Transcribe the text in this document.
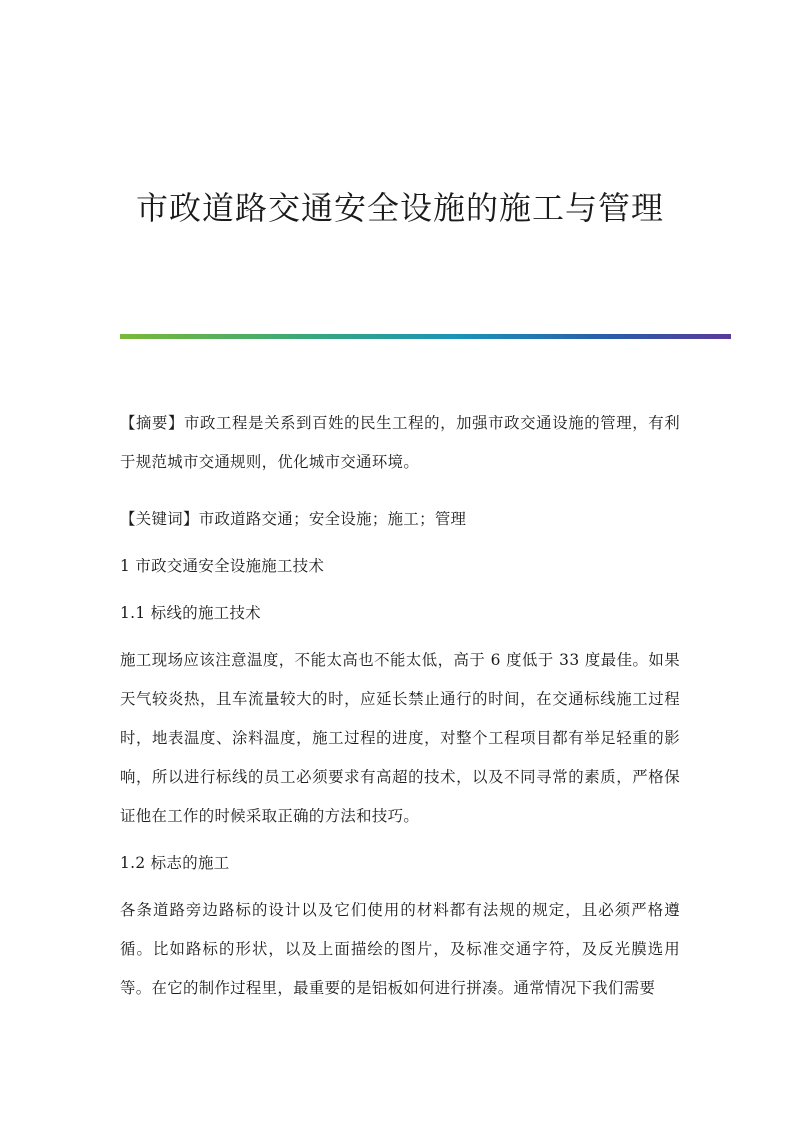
市政道路交通安全设施的施工与管理

【摘要】市政工程是关系到百姓的民生工程的，加强市政交通设施的管理，有利于规范城市交通规则，优化城市交通环境。

【关键词】市政道路交通；安全设施；施工；管理

1 市政交通安全设施施工技术

1.1 标线的施工技术

施工现场应该注意温度，不能太高也不能太低，高于 6 度低于 33 度最佳。如果天气较炎热，且车流量较大的时，应延长禁止通行的时间，在交通标线施工过程时，地表温度、涂料温度，施工过程的进度，对整个工程项目都有举足轻重的影响，所以进行标线的员工必须要求有高超的技术，以及不同寻常的素质，严格保证他在工作的时候采取正确的方法和技巧。

1.2 标志的施工

各条道路旁边路标的设计以及它们使用的材料都有法规的规定，且必须严格遵循。比如路标的形状，以及上面描绘的图片，及标准交通字符，及反光膜选用等。在它的制作过程里，最重要的是铝板如何进行拼凑。通常情况下我们需要
